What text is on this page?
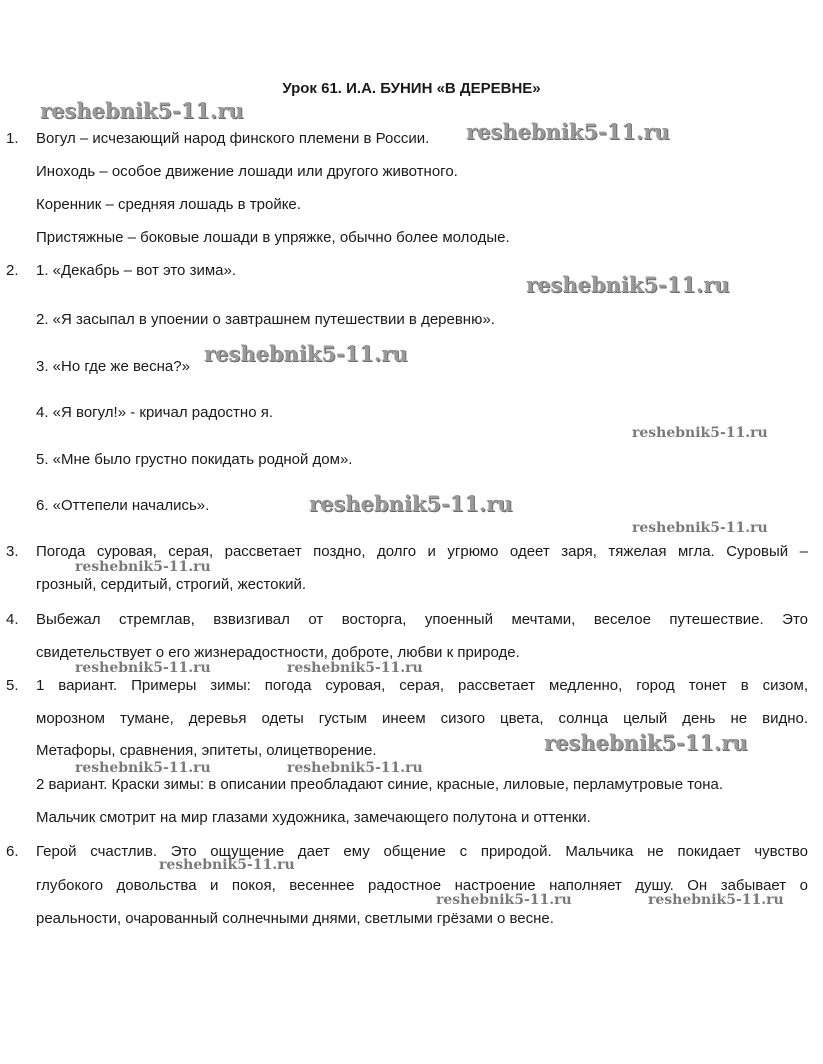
Урок 61. И.А. БУНИН «В ДЕРЕВНЕ»
1. Вогул – исчезающий народ финского племени в России.
Иноходь – особое движение лошади или другого животного.
Коренник – средняя лошадь в тройке.
Пристяжные – боковые лошади в упряжке, обычно более молодые.
2. 1. «Декабрь – вот это зима».
2. «Я засыпал в упоении о завтрашнем путешествии в деревню».
3. «Но где же весна?»
4. «Я вогул!» - кричал радостно я.
5. «Мне было грустно покидать родной дом».
6. «Оттепели начались».
3. Погода суровая, серая, рассветает поздно, долго и угрюмо одеет заря, тяжелая мгла. Суровый –
грозный, сердитый, строгий, жестокий.
4. Выбежал стремглав, взвизгивал от восторга, упоенный мечтами, веселое путешествие. Это
свидетельствует о его жизнерадостности, доброте, любви к природе.
5. 1 вариант. Примеры зимы: погода суровая, серая, рассветает медленно, город тонет в сизом,
морозном тумане, деревья одеты густым инеем сизого цвета, солнца целый день не видно.
Метафоры, сравнения, эпитеты, олицетворение.
2 вариант. Краски зимы: в описании преобладают синие, красные, лиловые, перламутровые тона.
Мальчик смотрит на мир глазами художника, замечающего полутона и оттенки.
6. Герой счастлив. Это ощущение дает ему общение с природой. Мальчика не покидает чувство
глубокого довольства и покоя, весеннее радостное настроение наполняет душу. Он забывает о
реальности, очарованный солнечными днями, светлыми грёзами о весне.
reshebnik5-11.ru
reshebnik5-11.ru
reshebnik5-11.ru
reshebnik5-11.ru
reshebnik5-11.ru
reshebnik5-11.ru
reshebnik5-11.ru
reshebnik5-11.ru
reshebnik5-11.ru	reshebnik5-11.ru
reshebnik5-11.ru
reshebnik5-11.ru	reshebnik5-11.ru
reshebnik5-11.ru
reshebnik5-11.ru	reshebnik5-11.ru
